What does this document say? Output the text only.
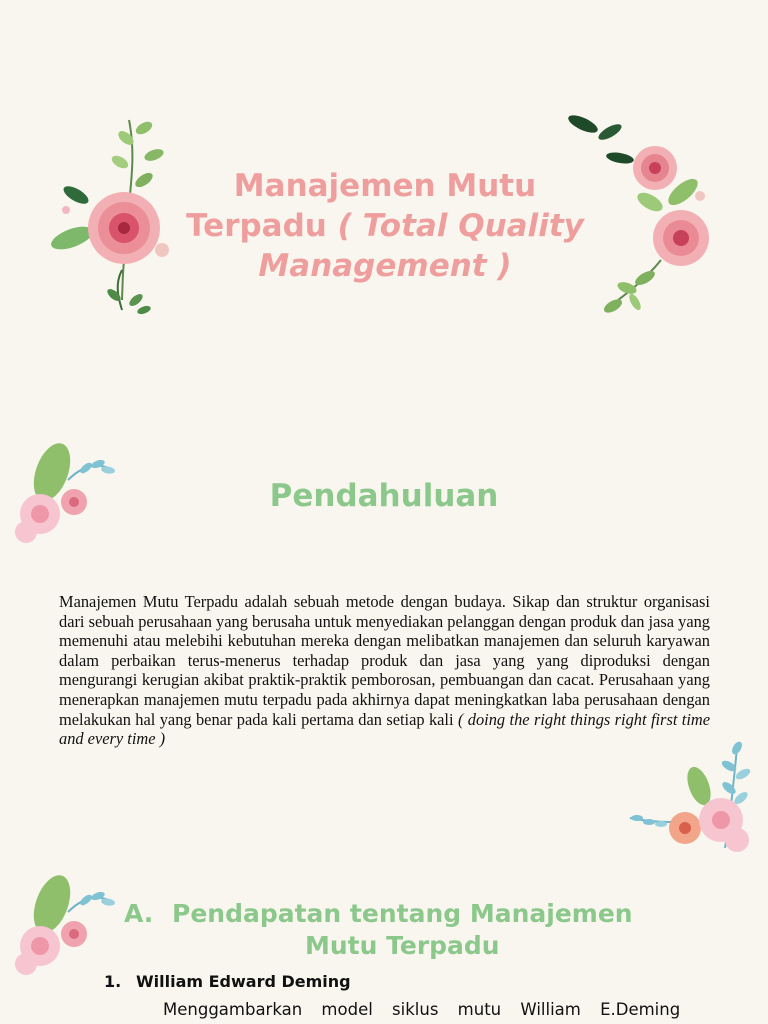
Manajemen Mutu Terpadu ( Total Quality Management )
Pendahuluan

Manajemen Mutu Terpadu adalah sebuah metode dengan budaya. Sikap dan struktur organisasi dari sebuah perusahaan yang berusaha untuk menyediakan pelanggan dengan produk dan jasa yang memenuhi atau melebihi kebutuhan mereka dengan melibatkan manajemen dan seluruh karyawan dalam perbaikan terus-menerus terhadap produk dan jasa yang yang diproduksi dengan mengurangi kerugian akibat praktik-praktik pemborosan, pembuangan dan cacat. Perusahaan yang menerapkan manajemen mutu terpadu pada akhirnya dapat meningkatkan laba perusahaan dengan melakukan hal yang benar pada kali pertama dan setiap kali ( doing the right things right first time and every time )

A. Pendapatan tentang Manajemen
Mutu Terpadu

1. William Edward Deming

Menggambarkan model siklus mutu William E.Deming
